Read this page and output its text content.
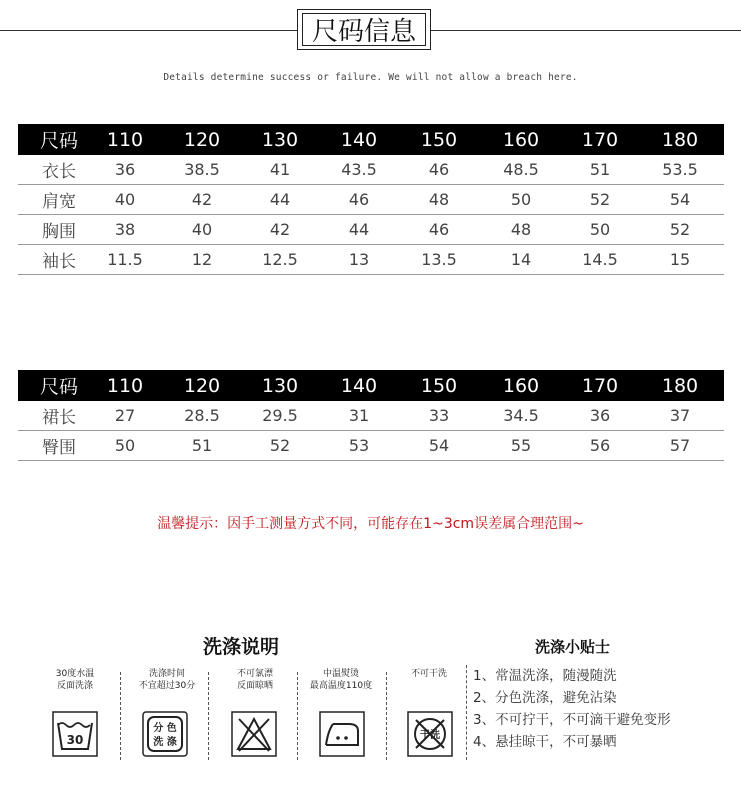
尺码信息
Details determine success or failure. We will not allow a breach here.
尺码	110	120	130	140	150	160	170	180
衣长	36	38.5	41	43.5	46	48.5	51	53.5
肩宽	40	42	44	46	48	50	52	54
胸围	38	40	42	44	46	48	50	52
袖长	11.5	12	12.5	13	13.5	14	14.5	15
尺码	110	120	130	140	150	160	170	180
裙长	27	28.5	29.5	31	33	34.5	36	37
臀围	50	51	52	53	54	55	56	57
温馨提示：因手工测量方式不同，可能存在1~3cm误差属合理范围~
洗涤说明	洗涤小贴士
30度水温
反面洗涤
洗涤时间
不宜超过30分
不可氯漂
反面晾晒
中温熨烫
最高温度110度
不可干洗
30
分 色
洗 涤
干洗
1、常温洗涤，随漫随洗
2、分色洗涤，避免沾染
3、不可拧干，不可滴干避免变形
4、悬挂晾干，不可暴晒
